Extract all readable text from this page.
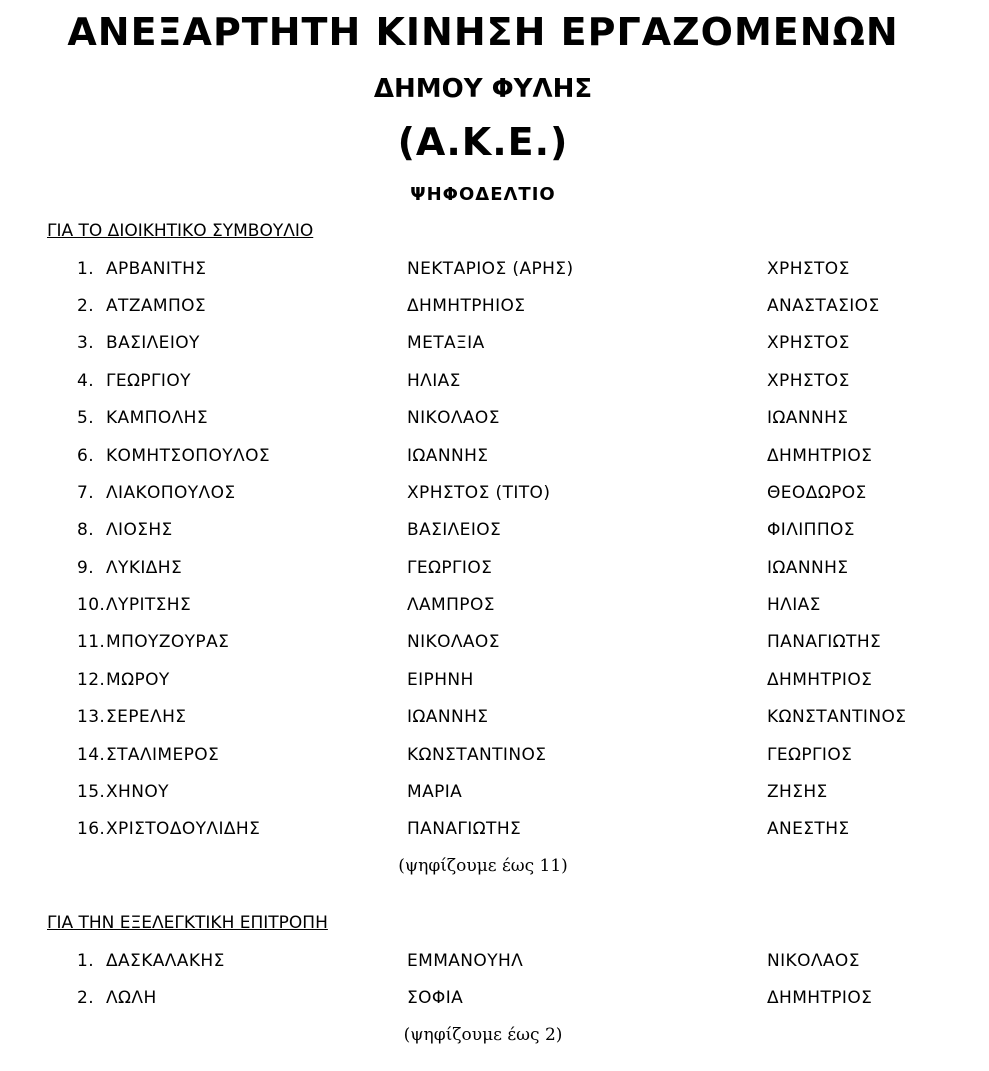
ΑΝΕΞΑΡΤΗΤΗ ΚΙΝΗΣΗ ΕΡΓΑΖΟΜΕΝΩΝ
ΔΗΜΟΥ ΦΥΛΗΣ
(Α.Κ.Ε.)
ΨΗΦΟΔΕΛΤΙΟ
ΓΙΑ ΤΟ ΔΙΟΙΚΗΤΙΚΟ ΣΥΜΒΟΥΛΙΟ
1. ΑΡΒΑΝΙΤΗΣ	ΝΕΚΤΑΡΙΟΣ (ΑΡΗΣ)	ΧΡΗΣΤΟΣ
2. ΑΤΖΑΜΠΟΣ	ΔΗΜΗΤΡΗΙΟΣ	ΑΝΑΣΤΑΣΙΟΣ
3. ΒΑΣΙΛΕΙΟΥ	ΜΕΤΑΞΙΑ	ΧΡΗΣΤΟΣ
4. ΓΕΩΡΓΙΟΥ	ΗΛΙΑΣ	ΧΡΗΣΤΟΣ
5. ΚΑΜΠΟΛΗΣ	ΝΙΚΟΛΑΟΣ	ΙΩΑΝΝΗΣ
6. ΚΟΜΗΤΣΟΠΟΥΛΟΣ	ΙΩΑΝΝΗΣ	ΔΗΜΗΤΡΙΟΣ
7. ΛΙΑΚΟΠΟΥΛΟΣ	ΧΡΗΣΤΟΣ (ΤΙΤΟ)	ΘΕΟΔΩΡΟΣ
8. ΛΙΟΣΗΣ	ΒΑΣΙΛΕΙΟΣ	ΦΙΛΙΠΠΟΣ
9. ΛΥΚΙΔΗΣ	ΓΕΩΡΓΙΟΣ	ΙΩΑΝΝΗΣ
10. ΛΥΡΙΤΣΗΣ	ΛΑΜΠΡΟΣ	ΗΛΙΑΣ
11. ΜΠΟΥΖΟΥΡΑΣ	ΝΙΚΟΛΑΟΣ	ΠΑΝΑΓΙΩΤΗΣ
12. ΜΩΡΟΥ	ΕΙΡΗΝΗ	ΔΗΜΗΤΡΙΟΣ
13. ΣΕΡΕΛΗΣ	ΙΩΑΝΝΗΣ	ΚΩΝΣΤΑΝΤΙΝΟΣ
14. ΣΤΑΛΙΜΕΡΟΣ	ΚΩΝΣΤΑΝΤΙΝΟΣ	ΓΕΩΡΓΙΟΣ
15. ΧΗΝΟΥ	ΜΑΡΙΑ	ΖΗΣΗΣ
16. ΧΡΙΣΤΟΔΟΥΛΙΔΗΣ	ΠΑΝΑΓΙΩΤΗΣ	ΑΝΕΣΤΗΣ
(ψηφίζουμε έως 11)
ΓΙΑ ΤΗΝ ΕΞΕΛΕΓΚΤΙΚΗ ΕΠΙΤΡΟΠΗ
1. ΔΑΣΚΑΛΑΚΗΣ	ΕΜΜΑΝΟΥΗΛ	ΝΙΚΟΛΑΟΣ
2. ΛΩΛΗ	ΣΟΦΙΑ	ΔΗΜΗΤΡΙΟΣ
(ψηφίζουμε έως 2)
